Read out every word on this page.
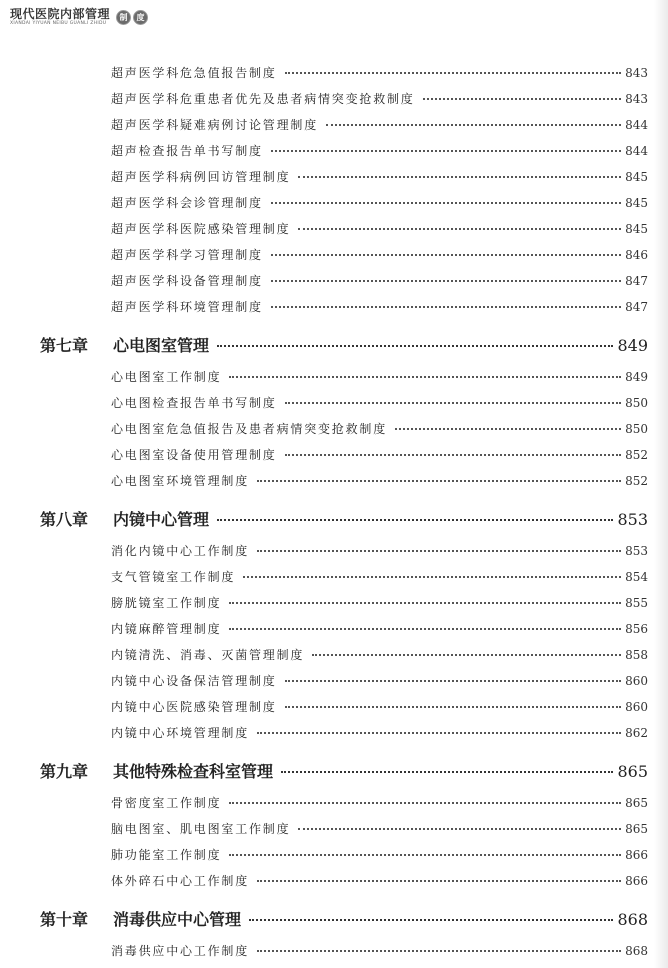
现代医院内部管理
XIANDAI YIYUAN NEIBU GUANLI ZHIDU
制	度
超声医学科危急值报告制度	843
超声医学科危重患者优先及患者病情突变抢救制度	843
超声医学科疑难病例讨论管理制度	844
超声检查报告单书写制度	844
超声医学科病例回访管理制度	845
超声医学科会诊管理制度	845
超声医学科医院感染管理制度	845
超声医学科学习管理制度	846
超声医学科设备管理制度	847
超声医学科环境管理制度	847
第七章	心电图室管理	849
心电图室工作制度	849
心电图检查报告单书写制度	850
心电图室危急值报告及患者病情突变抢救制度	850
心电图室设备使用管理制度	852
心电图室环境管理制度	852
第八章	内镜中心管理	853
消化内镜中心工作制度	853
支气管镜室工作制度	854
膀胱镜室工作制度	855
内镜麻醉管理制度	856
内镜清洗、消毒、灭菌管理制度	858
内镜中心设备保洁管理制度	860
内镜中心医院感染管理制度	860
内镜中心环境管理制度	862
第九章	其他特殊检查科室管理	865
骨密度室工作制度	865
脑电图室、肌电图室工作制度	865
肺功能室工作制度	866
体外碎石中心工作制度	866
第十章	消毒供应中心管理	868
消毒供应中心工作制度	868
